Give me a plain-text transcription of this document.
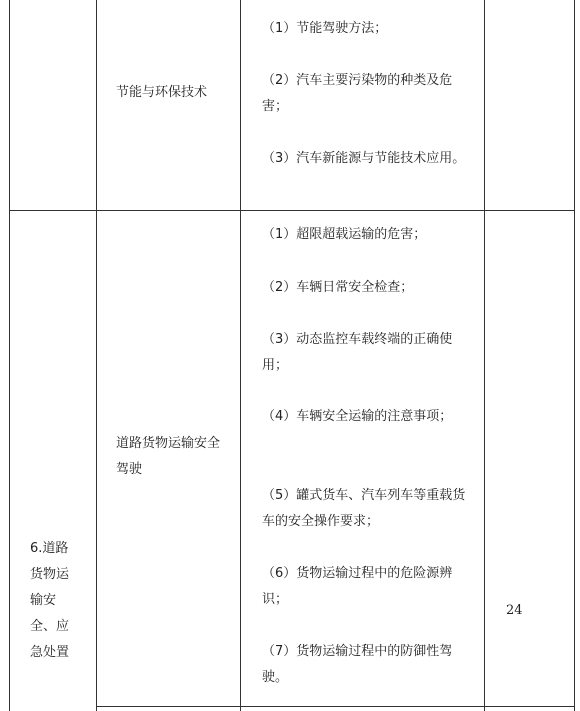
节能与环保技术
（1）节能驾驶方法；
（2）汽车主要污染物的种类及危害；
（3）汽车新能源与节能技术应用。
6.道路货物运输安全、应急处置
道路货物运输安全驾驶
（1）超限超载运输的危害；
（2）车辆日常安全检查；
（3）动态监控车载终端的正确使用；
（4）车辆安全运输的注意事项；
（5）罐式货车、汽车列车等重载货车的安全操作要求；
（6）货物运输过程中的危险源辨识；
（7）货物运输过程中的防御性驾驶。
24
